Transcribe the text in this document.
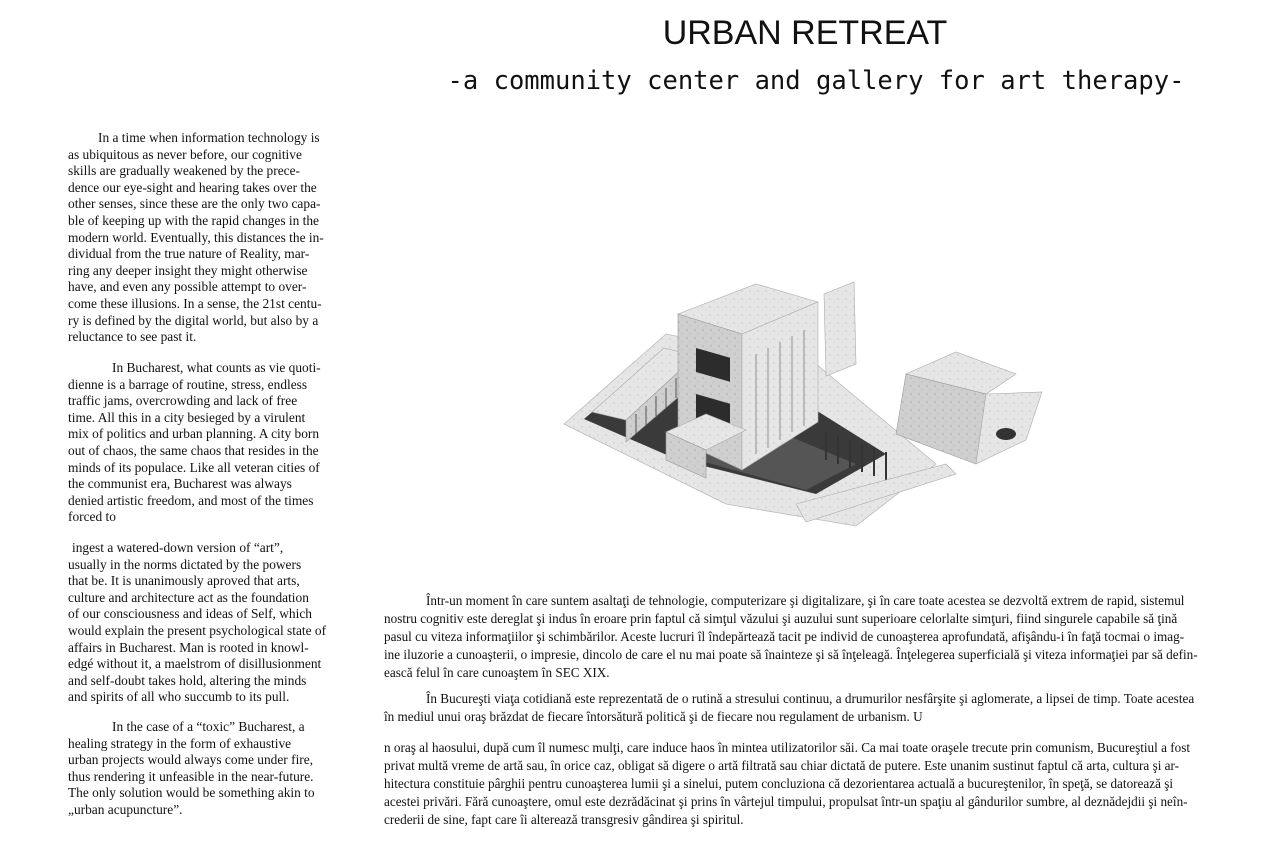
URBAN RETREAT
-a community center and gallery for art therapy-

In a time when information technology is
as ubiquitous as never before, our cognitive
skills are gradually weakened by the prece-
dence our eye-sight and hearing takes over the
other senses, since these are the only two capa-
ble of keeping up with the rapid changes in the
modern world. Eventually, this distances the in-
dividual from the true nature of Reality, mar-
ring any deeper insight they might otherwise
have, and even any possible attempt to over-
come these illusions. In a sense, the 21st centu-
ry is defined by the digital world, but also by a
reluctance to see past it.

In Bucharest, what counts as vie quoti-
dienne is a barrage of routine, stress, endless
traffic jams, overcrowding and lack of free
time. All this in a city besieged by a virulent
mix of politics and urban planning. A city born
out of chaos, the same chaos that resides in the
minds of its populace. Like all veteran cities of
the communist era, Bucharest was always
denied artistic freedom, and most of the times
forced to

ingest a watered-down version of “art”,
usually in the norms dictated by the powers
that be. It is unanimously aproved that arts,
culture and architecture act as the foundation
of our consciousness and ideas of Self, which
would explain the present psychological state of
affairs in Bucharest. Man is rooted in knowl-
edgé without it, a maelstrom of disillusionment
and self-doubt takes hold, altering the minds
and spirits of all who succumb to its pull.

In the case of a “toxic” Bucharest, a
healing strategy in the form of exhaustive
urban projects would always come under fire,
thus rendering it unfeasible in the near-future.
The only solution would be something akin to
„urban acupuncture”.

Într-un moment în care suntem asaltaţi de tehnologie, computerizare şi digitalizare, şi în care toate acestea se dezvoltă extrem de rapid, sistemul
nostru cognitiv este dereglat şi indus în eroare prin faptul că simţul văzului şi auzului sunt superioare celorlalte simţuri, fiind singurele capabile să ţină
pasul cu viteza informaţiilor şi schimbărilor. Aceste lucruri îl îndepărtează tacit pe individ de cunoaşterea aprofundată, afişându-i în faţă tocmai o imag-
ine iluzorie a cunoaşterii, o impresie, dincolo de care el nu mai poate să înainteze şi să înţeleagă. Înţelegerea superficială şi viteza informaţiei par să defin-
ească felul în care cunoaştem în SEC XIX.

În Bucureşti viaţa cotidiană este reprezentată de o rutină a stresului continuu, a drumurilor nesfârşite şi aglomerate, a lipsei de timp. Toate acestea
în mediul unui oraş brăzdat de fiecare întorsătură politică şi de fiecare nou regulament de urbanism. U

n oraş al haosului, după cum îl numesc mulţi, care induce haos în mintea utilizatorilor săi. Ca mai toate oraşele trecute prin comunism, Bucureştiul a fost
privat multă vreme de artă sau, în orice caz, obligat să digere o artă filtrată sau chiar dictată de putere. Este unanim sustinut faptul că arta, cultura şi ar-
hitectura constituie pârghii pentru cunoaşterea lumii şi a sinelui, putem concluziona că dezorientarea actuală a bucureştenilor, în speţă, se datorează şi
acestei privări. Fără cunoaştere, omul este dezrădăcinat şi prins în vârtejul timpului, propulsat într-un spaţiu al gândurilor sumbre, al deznădejdii şi neîn-
crederii de sine, fapt care îi alterează transgresiv gândirea şi spiritul.
